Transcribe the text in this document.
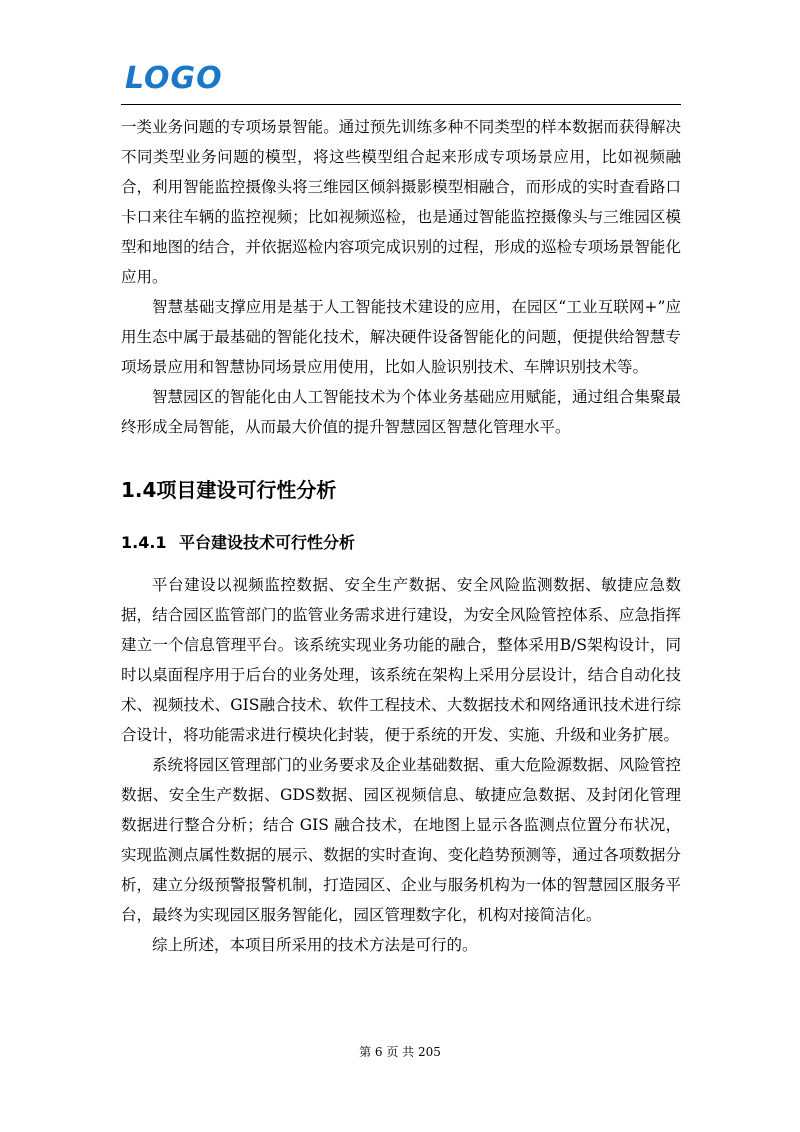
LOGO

一类业务问题的专项场景智能。通过预先训练多种不同类型的样本数据而获得解决不同类型业务问题的模型，将这些模型组合起来形成专项场景应用，比如视频融合，利用智能监控摄像头将三维园区倾斜摄影模型相融合，而形成的实时查看路口卡口来往车辆的监控视频；比如视频巡检，也是通过智能监控摄像头与三维园区模型和地图的结合，并依据巡检内容项完成识别的过程，形成的巡检专项场景智能化应用。

智慧基础支撑应用是基于人工智能技术建设的应用，在园区“工业互联网+”应用生态中属于最基础的智能化技术，解决硬件设备智能化的问题，便提供给智慧专项场景应用和智慧协同场景应用使用，比如人脸识别技术、车牌识别技术等。

智慧园区的智能化由人工智能技术为个体业务基础应用赋能，通过组合集聚最终形成全局智能，从而最大价值的提升智慧园区智慧化管理水平。

1.4项目建设可行性分析
1.4.1 平台建设技术可行性分析

平台建设以视频监控数据、安全生产数据、安全风险监测数据、敏捷应急数据，结合园区监管部门的监管业务需求进行建设，为安全风险管控体系、应急指挥建立一个信息管理平台。该系统实现业务功能的融合，整体采用B/S架构设计，同时以桌面程序用于后台的业务处理，该系统在架构上采用分层设计，结合自动化技术、视频技术、GIS融合技术、软件工程技术、大数据技术和网络通讯技术进行综合设计，将功能需求进行模块化封装，便于系统的开发、实施、升级和业务扩展。

系统将园区管理部门的业务要求及企业基础数据、重大危险源数据、风险管控数据、安全生产数据、GDS数据、园区视频信息、敏捷应急数据、及封闭化管理数据进行整合分析；结合 GIS 融合技术，在地图上显示各监测点位置分布状况，实现监测点属性数据的展示、数据的实时查询、变化趋势预测等，通过各项数据分析，建立分级预警报警机制，打造园区、企业与服务机构为一体的智慧园区服务平台，最终为实现园区服务智能化，园区管理数字化，机构对接简洁化。

综上所述，本项目所采用的技术方法是可行的。

第 6 页 共 205
